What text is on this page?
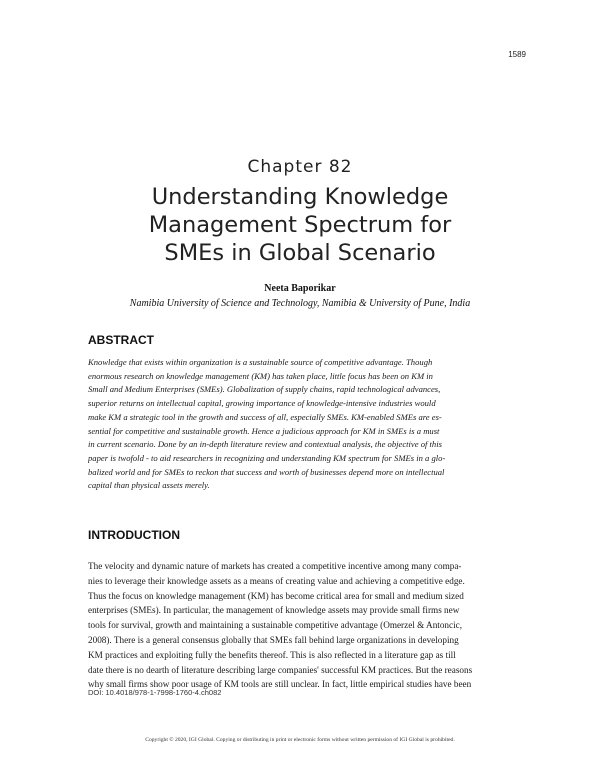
1589
Chapter 82
Understanding Knowledge
Management Spectrum for
SMEs in Global Scenario
Neeta Baporikar
Namibia University of Science and Technology, Namibia & University of Pune, India
ABSTRACT
Knowledge that exists within organization is a sustainable source of competitive advantage. Though
enormous research on knowledge management (KM) has taken place, little focus has been on KM in
Small and Medium Enterprises (SMEs). Globalization of supply chains, rapid technological advances,
superior returns on intellectual capital, growing importance of knowledge-intensive industries would
make KM a strategic tool in the growth and success of all, especially SMEs. KM-enabled SMEs are es-
sential for competitive and sustainable growth. Hence a judicious approach for KM in SMEs is a must
in current scenario. Done by an in-depth literature review and contextual analysis, the objective of this
paper is twofold - to aid researchers in recognizing and understanding KM spectrum for SMEs in a glo-
balized world and for SMEs to reckon that success and worth of businesses depend more on intellectual
capital than physical assets merely.
INTRODUCTION
The velocity and dynamic nature of markets has created a competitive incentive among many compa-
nies to leverage their knowledge assets as a means of creating value and achieving a competitive edge.
Thus the focus on knowledge management (KM) has become critical area for small and medium sized
enterprises (SMEs). In particular, the management of knowledge assets may provide small firms new
tools for survival, growth and maintaining a sustainable competitive advantage (Omerzel & Antoncic,
2008). There is a general consensus globally that SMEs fall behind large organizations in developing
KM practices and exploiting fully the benefits thereof. This is also reflected in a literature gap as till
date there is no dearth of literature describing large companies' successful KM practices. But the reasons
why small firms show poor usage of KM tools are still unclear. In fact, little empirical studies have been
DOI: 10.4018/978-1-7998-1760-4.ch082
Copyright © 2020, IGI Global. Copying or distributing in print or electronic forms without written permission of IGI Global is prohibited.
